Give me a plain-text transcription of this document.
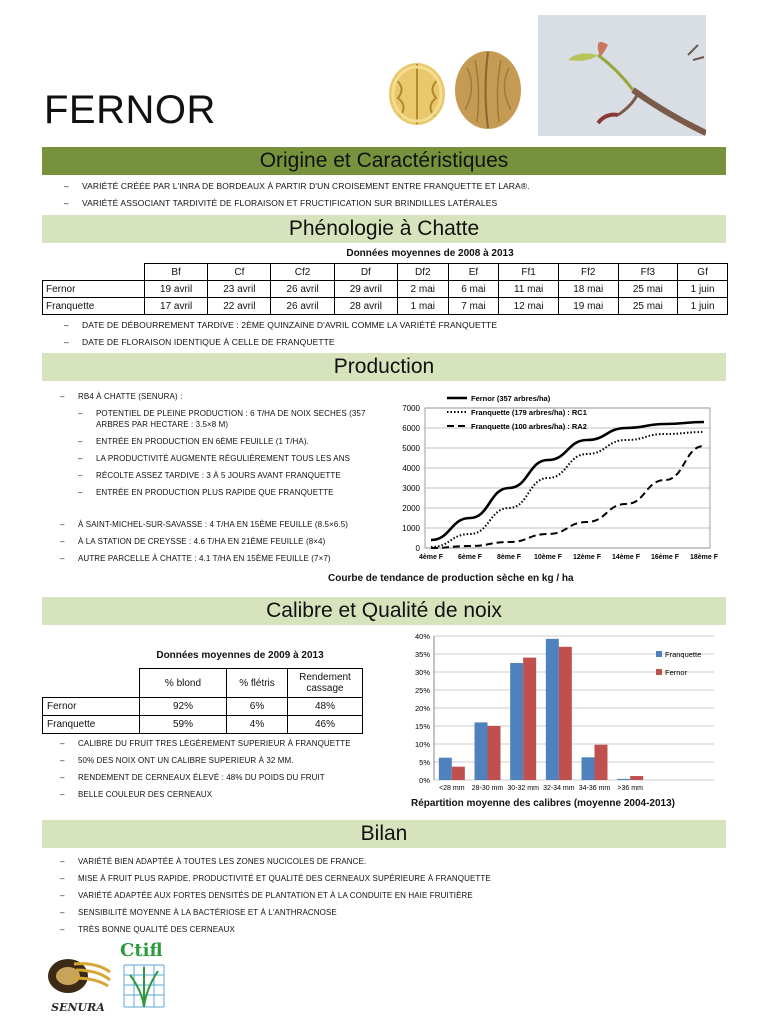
FERNOR
Origine et Caractéristiques
– VARIÉTÉ CRÉÉE PAR L'INRA DE BORDEAUX À PARTIR D'UN CROISEMENT ENTRE FRANQUETTE ET LARA®.
– VARIÉTÉ ASSOCIANT TARDIVITÉ DE FLORAISON ET FRUCTIFICATION SUR BRINDILLES LATÉRALES
Phénologie à Chatte
Données moyennes de 2008 à 2013
	Bf	Cf	Cf2	Df	Df2	Ef	Ff1	Ff2	Ff3	Gf
Fernor	19 avril	23 avril	26 avril	29 avril	2 mai	6 mai	11 mai	18 mai	25 mai	1 juin
Franquette	17 avril	22 avril	26 avril	28 avril	1 mai	7 mai	12 mai	19 mai	25 mai	1 juin
– DATE DE DÉBOURREMENT TARDIVE : 2ÈME QUINZAINE D'AVRIL COMME LA VARIÉTÉ FRANQUETTE
– DATE DE FLORAISON IDENTIQUE À CELLE DE FRANQUETTE
Production
– RB4 À CHATTE (SENURA) :
– POTENTIEL DE PLEINE PRODUCTION : 6 T/HA DE NOIX SECHES (357 ARBRES PAR HECTARE : 3.5×8 M)
– ENTRÉE EN PRODUCTION EN 6ÈME FEUILLE (1 T/HA).
– LA PRODUCTIVITÉ AUGMENTE RÉGULIÈREMENT TOUS LES ANS
– RÉCOLTE ASSEZ TARDIVE : 3 À 5 JOURS AVANT FRANQUETTE
– ENTRÉE EN PRODUCTION PLUS RAPIDE QUE FRANQUETTE
– À SAINT-MICHEL-SUR-SAVASSE : 4 T/HA EN 15ÈME FEUILLE (8.5×6.5)
– À LA STATION DE CREYSSE : 4.6 T/HA EN 21ÈME FEUILLE (8×4)
– AUTRE PARCELLE À CHATTE : 4.1 T/HA EN 15ÈME FEUILLE (7×7)
0
1000
2000
3000
4000
5000
6000
7000
4ème F 6ème F 8ème F 10ème F 12ème F 14ème F 16ème F 18ème F
Fernor (357 arbres/ha)
Franquette (179 arbres/ha) : RC1
Franquette (100 arbres/ha) : RA2
Courbe de tendance de production sèche en kg / ha
Calibre et Qualité de noix
Données moyennes de 2009 à 2013
	% blond	% flétris	Rendement cassage
Fernor	92%	6%	48%
Franquette	59%	4%	46%
– CALIBRE DU FRUIT TRES LÉGÈREMENT SUPERIEUR À FRANQUETTE
– 50% DES NOIX ONT UN CALIBRE SUPERIEUR À 32 MM.
– RENDEMENT DE CERNEAUX ÉLEVÉ : 48% DU POIDS DU FRUIT
– BELLE COULEUR DES CERNEAUX
0%
5%
10%
15%
20%
25%
30%
35%
40%
<28 mm 28-30 mm 30-32 mm 32-34 mm 34-36 mm >36 mm
Franquette
Fernor
Répartition moyenne des calibres (moyenne 2004-2013)
Bilan
– VARIÉTÉ BIEN ADAPTÉE À TOUTES LES ZONES NUCICOLES DE FRANCE.
– MISE À FRUIT PLUS RAPIDE. PRODUCTIVITÉ ET QUALITÉ DES CERNEAUX SUPÉRIEURE À FRANQUETTE
– VARIÉTÉ ADAPTÉE AUX FORTES DENSITÉS DE PLANTATION ET À LA CONDUITE EN HAIE FRUITIÈRE
– SENSIBILITÉ MOYENNE À LA BACTÉRIOSE ET À L'ANTHRACNOSE
– TRÈS BONNE QUALITÉ DES CERNEAUX
SENURA
Ctifl
